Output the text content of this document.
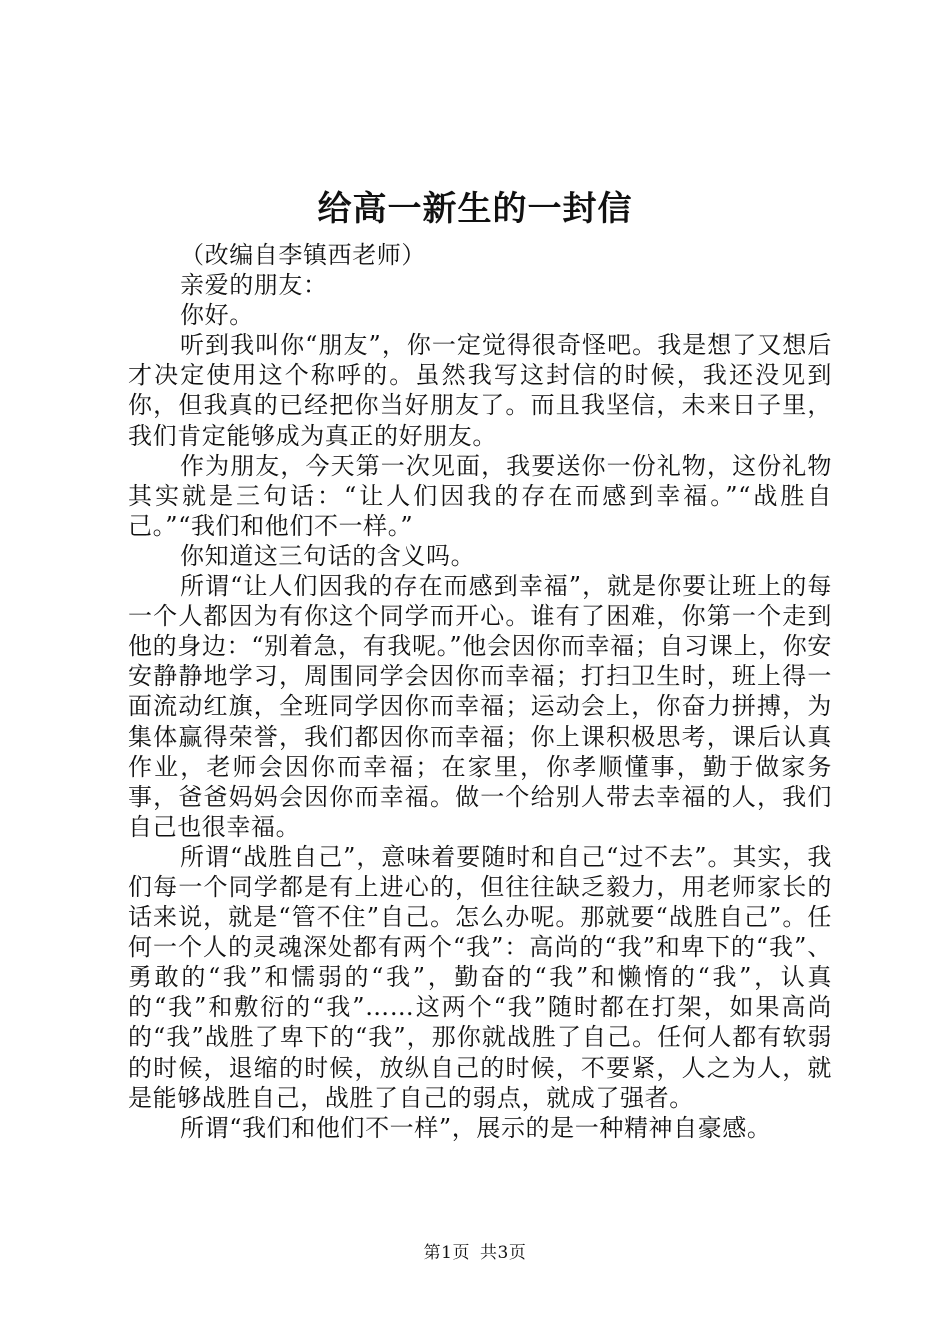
给高一新生的一封信

（改编自李镇西老师）

亲爱的朋友：

你好。

听到我叫你“朋友”，你一定觉得很奇怪吧。我是想了又想后才决定使用这个称呼的。虽然我写这封信的时候，我还没见到你，但我真的已经把你当好朋友了。而且我坚信，未来日子里，我们肯定能够成为真正的好朋友。

作为朋友，今天第一次见面，我要送你一份礼物，这份礼物其实就是三句话：“让人们因我的存在而感到幸福。”“战胜自己。”“我们和他们不一样。”

你知道这三句话的含义吗。

所谓“让人们因我的存在而感到幸福”，就是你要让班上的每一个人都因为有你这个同学而开心。谁有了困难，你第一个走到他的身边：“别着急，有我呢。”他会因你而幸福；自习课上，你安安静静地学习，周围同学会因你而幸福；打扫卫生时，班上得一面流动红旗，全班同学因你而幸福；运动会上，你奋力拼搏，为集体赢得荣誉，我们都因你而幸福；你上课积极思考，课后认真作业，老师会因你而幸福；在家里，你孝顺懂事，勤于做家务事，爸爸妈妈会因你而幸福。做一个给别人带去幸福的人，我们自己也很幸福。

所谓“战胜自己”，意味着要随时和自己“过不去”。其实，我们每一个同学都是有上进心的，但往往缺乏毅力，用老师家长的话来说，就是“管不住”自己。怎么办呢。那就要“战胜自己”。任何一个人的灵魂深处都有两个“我”：高尚的“我”和卑下的“我”、勇敢的“我”和懦弱的“我”，勤奋的“我”和懒惰的“我”，认真的“我”和敷衍的“我”……这两个“我”随时都在打架，如果高尚的“我”战胜了卑下的“我”，那你就战胜了自己。任何人都有软弱的时候，退缩的时候，放纵自己的时候，不要紧，人之为人，就是能够战胜自己，战胜了自己的弱点，就成了强者。

所谓“我们和他们不一样”，展示的是一种精神自豪感。

第1页 共3页
